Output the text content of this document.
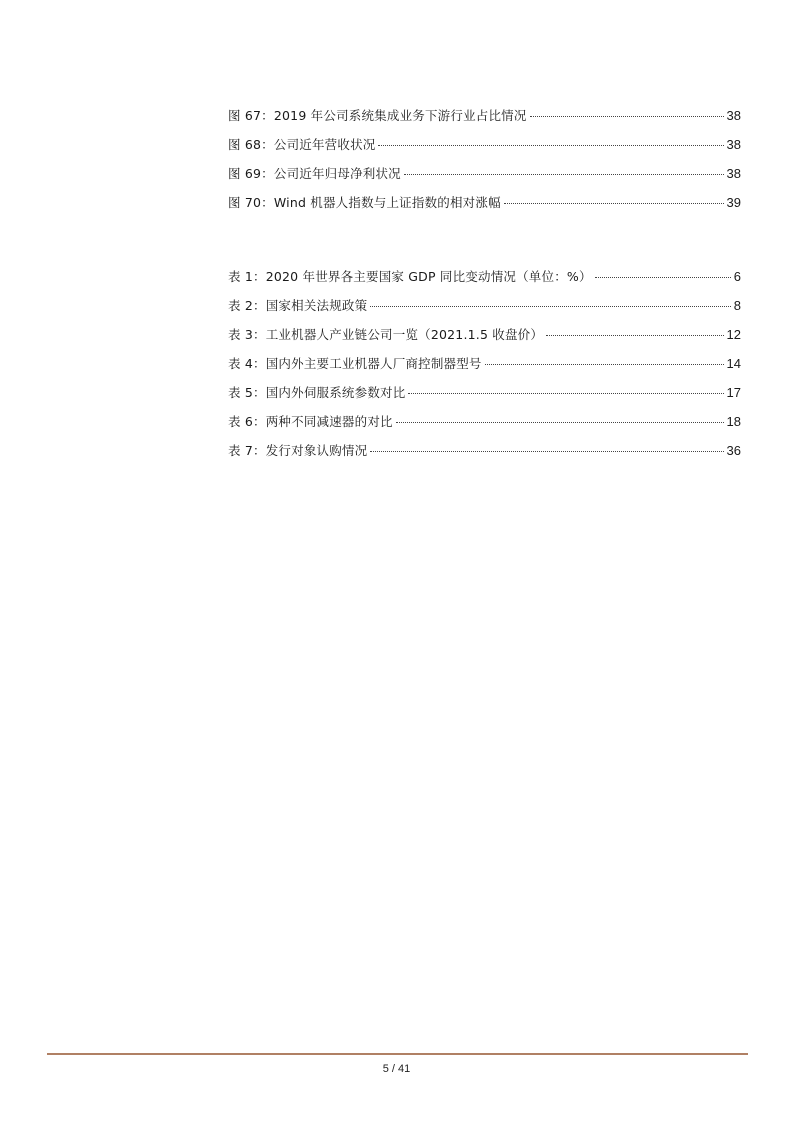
图 67：2019 年公司系统集成业务下游行业占比情况	38
图 68：公司近年营收状况	38
图 69：公司近年归母净利状况	38
图 70：Wind 机器人指数与上证指数的相对涨幅	39
表 1：2020 年世界各主要国家 GDP 同比变动情况（单位：%）	6
表 2：国家相关法规政策	8
表 3：工业机器人产业链公司一览（2021.1.5 收盘价）	12
表 4：国内外主要工业机器人厂商控制器型号	14
表 5：国内外伺服系统参数对比	17
表 6：两种不同减速器的对比	18
表 7：发行对象认购情况	36
5 / 41
